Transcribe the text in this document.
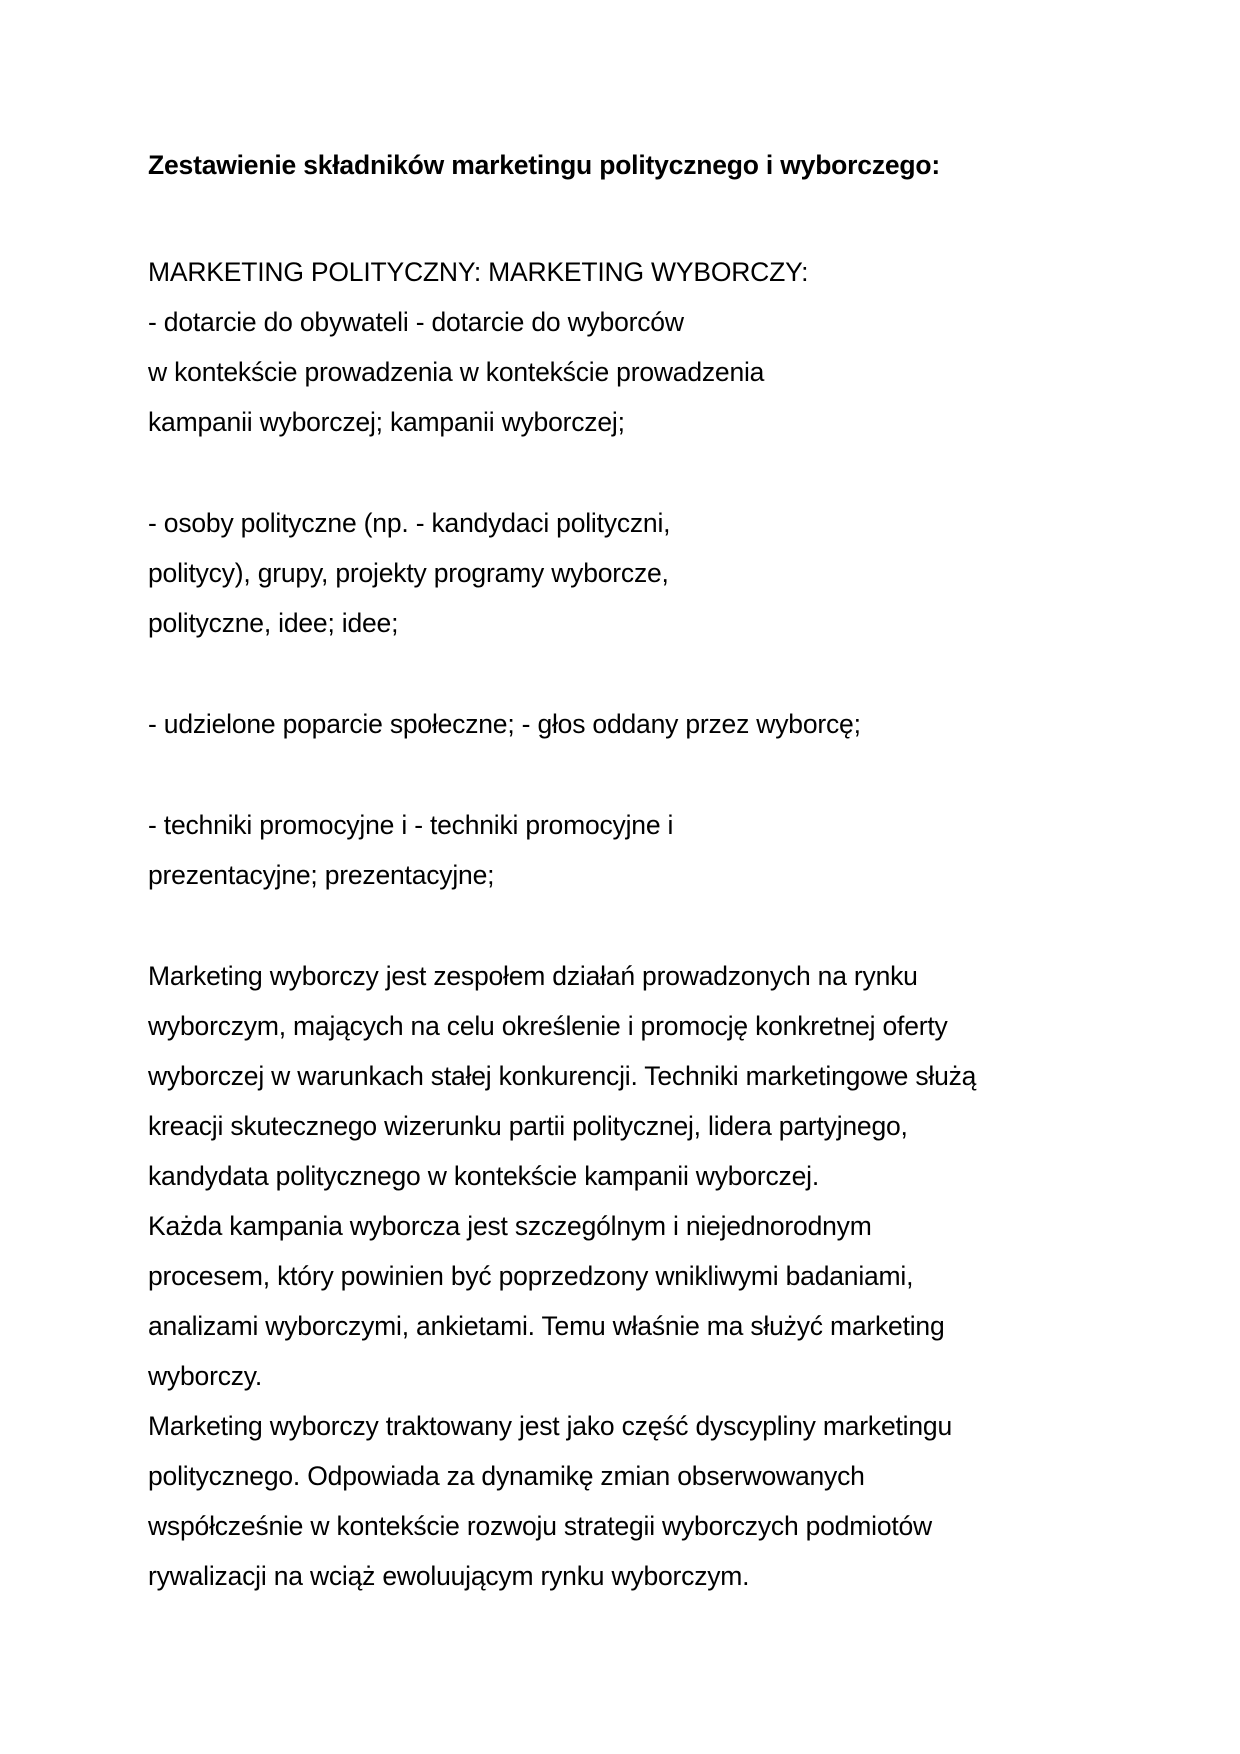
Zestawienie składników marketingu politycznego i wyborczego:
MARKETING POLITYCZNY: MARKETING WYBORCZY:
- dotarcie do obywateli - dotarcie do wyborców
w kontekście prowadzenia w kontekście prowadzenia
kampanii wyborczej; kampanii wyborczej;
- osoby polityczne (np. - kandydaci polityczni,
politycy), grupy, projekty programy wyborcze,
polityczne, idee; idee;
- udzielone poparcie społeczne; - głos oddany przez wyborcę;
- techniki promocyjne i - techniki promocyjne i
prezentacyjne; prezentacyjne;
Marketing wyborczy jest zespołem działań prowadzonych na rynku
wyborczym, mających na celu określenie i promocję konkretnej oferty
wyborczej w warunkach stałej konkurencji. Techniki marketingowe służą
kreacji skutecznego wizerunku partii politycznej, lidera partyjnego,
kandydata politycznego w kontekście kampanii wyborczej.
Każda kampania wyborcza jest szczególnym i niejednorodnym
procesem, który powinien być poprzedzony wnikliwymi badaniami,
analizami wyborczymi, ankietami. Temu właśnie ma służyć marketing
wyborczy.
Marketing wyborczy traktowany jest jako część dyscypliny marketingu
politycznego. Odpowiada za dynamikę zmian obserwowanych
współcześnie w kontekście rozwoju strategii wyborczych podmiotów
rywalizacji na wciąż ewoluującym rynku wyborczym.
